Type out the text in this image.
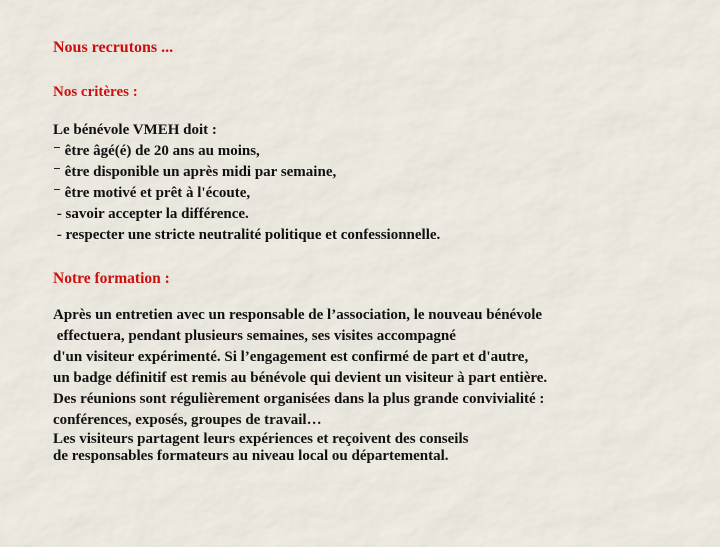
Nous recrutons ...

Nos critères :

Le bénévole VMEH doit :
⁻ être âgé(é) de 20 ans au moins,
⁻ être disponible un après midi par semaine,
⁻ être motivé et prêt à l'écoute,
- savoir accepter la différence.
- respecter une stricte neutralité politique et confessionnelle.

Notre formation :

Après un entretien avec un responsable de l’association, le nouveau bénévole
effectuera, pendant plusieurs semaines, ses visites accompagné
d'un visiteur expérimenté. Si l’engagement est confirmé de part et d'autre,
un badge définitif est remis au bénévole qui devient un visiteur à part entière.
Des réunions sont régulièrement organisées dans la plus grande convivialité :
conférences, exposés, groupes de travail…
Les visiteurs partagent leurs expériences et reçoivent des conseils
de responsables formateurs au niveau local ou départemental.
